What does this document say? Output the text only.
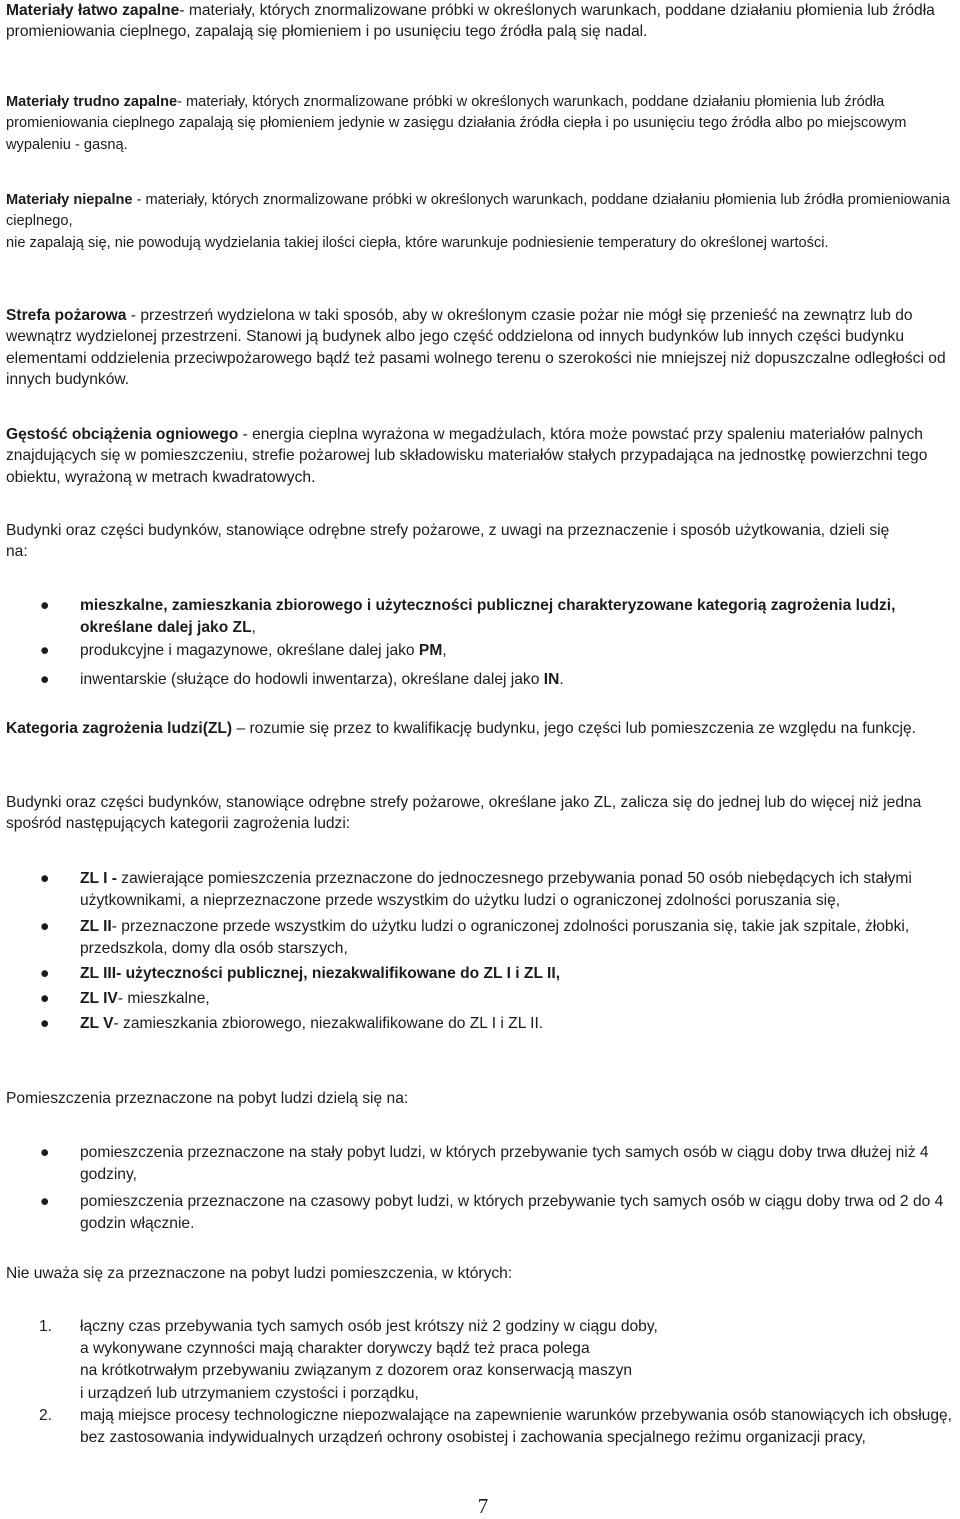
Materiały łatwo zapalne- materiały, których znormalizowane próbki w określonych warunkach, poddane działaniu płomienia lub źródła promieniowania cieplnego, zapalają się płomieniem i po usunięciu tego źródła palą się nadal.

Materiały trudno zapalne- materiały, których znormalizowane próbki w określonych warunkach, poddane działaniu płomienia lub źródła promieniowania cieplnego zapalają się płomieniem jedynie w zasięgu działania źródła ciepła i po usunięciu tego źródła albo po miejscowym wypaleniu - gasną.

Materiały niepalne - materiały, których znormalizowane próbki w określonych warunkach, poddane działaniu płomienia lub źródła promieniowania cieplnego,

nie zapalają się, nie powodują wydzielania takiej ilości ciepła, które warunkuje podniesienie temperatury do określonej wartości.

Strefa pożarowa - przestrzeń wydzielona w taki sposób, aby w określonym czasie pożar nie mógł się przenieść na zewnątrz lub do wewnątrz wydzielonej przestrzeni. Stanowi ją budynek albo jego część oddzielona od innych budynków lub innych części budynku elementami oddzielenia przeciwpożarowego bądź też pasami wolnego terenu o szerokości nie mniejszej niż dopuszczalne odległości od innych budynków.

Gęstość obciążenia ogniowego - energia cieplna wyrażona w megadżulach, która może powstać przy spaleniu materiałów palnych znajdujących się w pomieszczeniu, strefie pożarowej lub składowisku materiałów stałych przypadająca na jednostkę powierzchni tego obiektu, wyrażoną w metrach kwadratowych.

Budynki oraz części budynków, stanowiące odrębne strefy pożarowe, z uwagi na przeznaczenie i sposób użytkowania, dzieli się na:

● mieszkalne, zamieszkania zbiorowego i użyteczności publicznej charakteryzowane kategorią zagrożenia ludzi, określane dalej jako ZL,
● produkcyjne i magazynowe, określane dalej jako PM,
● inwentarskie (służące do hodowli inwentarza), określane dalej jako IN.

Kategoria zagrożenia ludzi(ZL) – rozumie się przez to kwalifikację budynku, jego części lub pomieszczenia ze względu na funkcję.

Budynki oraz części budynków, stanowiące odrębne strefy pożarowe, określane jako ZL, zalicza się do jednej lub do więcej niż jedna spośród następujących kategorii zagrożenia ludzi:

● ZL I - zawierające pomieszczenia przeznaczone do jednoczesnego przebywania ponad 50 osób niebędących ich stałymi użytkownikami, a nieprzeznaczone przede wszystkim do użytku ludzi o ograniczonej zdolności poruszania się,
● ZL II- przeznaczone przede wszystkim do użytku ludzi o ograniczonej zdolności poruszania się, takie jak szpitale, żłobki, przedszkola, domy dla osób starszych,
● ZL III- użyteczności publicznej, niezakwalifikowane do ZL I i ZL II,
● ZL IV- mieszkalne,
● ZL V- zamieszkania zbiorowego, niezakwalifikowane do ZL I i ZL II.

Pomieszczenia przeznaczone na pobyt ludzi dzielą się na:

● pomieszczenia przeznaczone na stały pobyt ludzi, w których przebywanie tych samych osób w ciągu doby trwa dłużej niż 4 godziny,
● pomieszczenia przeznaczone na czasowy pobyt ludzi, w których przebywanie tych samych osób w ciągu doby trwa od 2 do 4 godzin włącznie.

Nie uważa się za przeznaczone na pobyt ludzi pomieszczenia, w których:

1. łączny czas przebywania tych samych osób jest krótszy niż 2 godziny w ciągu doby,
a wykonywane czynności mają charakter dorywczy bądź też praca polega
na krótkotrwałym przebywaniu związanym z dozorem oraz konserwacją maszyn
i urządzeń lub utrzymaniem czystości i porządku,
2. mają miejsce procesy technologiczne niepozwalające na zapewnienie warunków przebywania osób stanowiących ich obsługę, bez zastosowania indywidualnych urządzeń ochrony osobistej i zachowania specjalnego reżimu organizacji pracy,
7
